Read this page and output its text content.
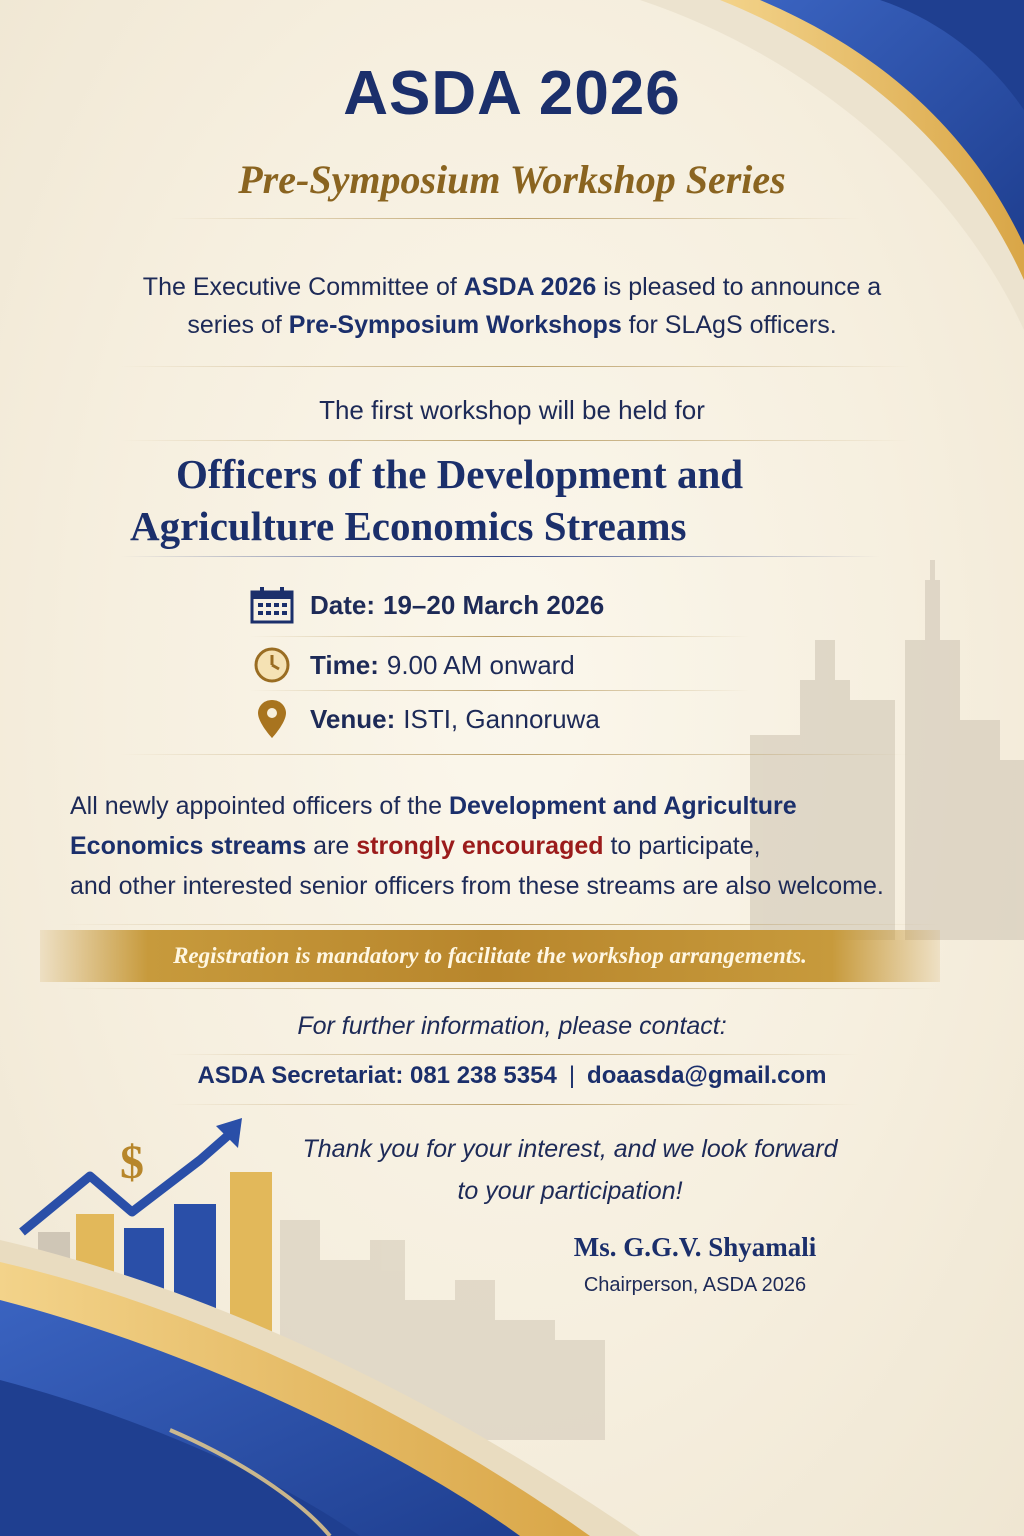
$
ASDA 2026
Pre-Symposium Workshop Series
The Executive Committee of ASDA 2026 is pleased to announce a
series of Pre-Symposium Workshops for SLAgS officers.
The first workshop will be held for
Officers of the Development and
Agriculture Economics Streams
Date: 19–20 March 2026
Time: 9.00 AM onward
Venue: ISTI, Gannoruwa
All newly appointed officers of the Development and Agriculture
Economics streams are strongly encouraged to participate,
and other interested senior officers from these streams are also welcome.
Registration is mandatory to facilitate the workshop arrangements.
For further information, please contact:
ASDA Secretariat: 081 238 5354 | doaasda@gmail.com
Thank you for your interest, and we look forward
to your participation!
Ms. G.G.V. Shyamali
Chairperson, ASDA 2026
